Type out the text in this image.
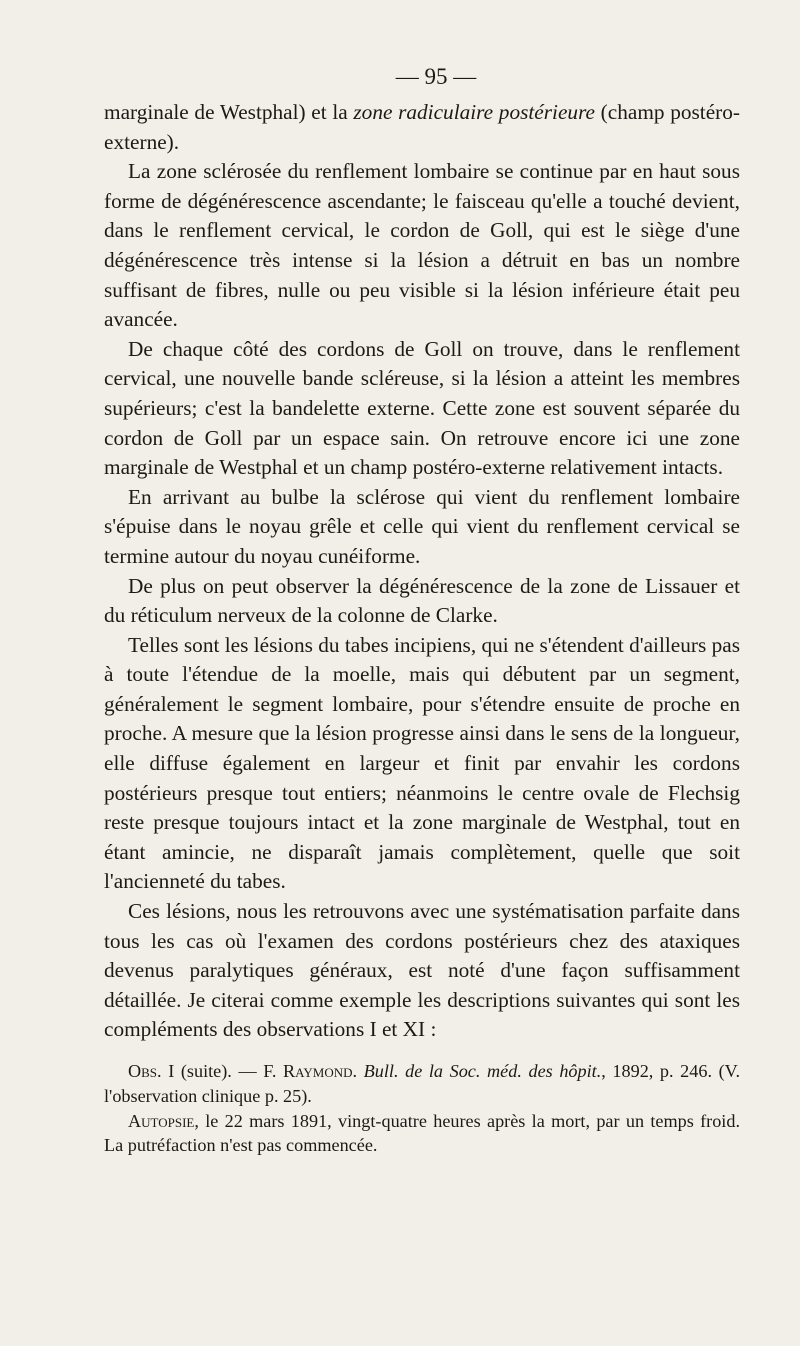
— 95 —

marginale de Westphal) et la zone radiculaire postérieure (champ postéro-externe).

La zone sclérosée du renflement lombaire se continue par en haut sous forme de dégénérescence ascendante; le faisceau qu'elle a touché devient, dans le renflement cervical, le cordon de Goll, qui est le siège d'une dégénérescence très intense si la lésion a détruit en bas un nombre suffisant de fibres, nulle ou peu visible si la lésion inférieure était peu avancée.

De chaque côté des cordons de Goll on trouve, dans le renflement cervical, une nouvelle bande scléreuse, si la lésion a atteint les membres supérieurs; c'est la bandelette externe. Cette zone est souvent séparée du cordon de Goll par un espace sain. On retrouve encore ici une zone marginale de Westphal et un champ postéro-externe relativement intacts.

En arrivant au bulbe la sclérose qui vient du renflement lombaire s'épuise dans le noyau grêle et celle qui vient du renflement cervical se termine autour du noyau cunéiforme.

De plus on peut observer la dégénérescence de la zone de Lissauer et du réticulum nerveux de la colonne de Clarke.

Telles sont les lésions du tabes incipiens, qui ne s'étendent d'ailleurs pas à toute l'étendue de la moelle, mais qui débutent par un segment, généralement le segment lombaire, pour s'étendre ensuite de proche en proche. A mesure que la lésion progresse ainsi dans le sens de la longueur, elle diffuse également en largeur et finit par envahir les cordons postérieurs presque tout entiers; néanmoins le centre ovale de Flechsig reste presque toujours intact et la zone marginale de Westphal, tout en étant amincie, ne disparaît jamais complètement, quelle que soit l'ancienneté du tabes.

Ces lésions, nous les retrouvons avec une systématisation parfaite dans tous les cas où l'examen des cordons postérieurs chez des ataxiques devenus paralytiques généraux, est noté d'une façon suffisamment détaillée. Je citerai comme exemple les descriptions suivantes qui sont les compléments des observations I et XI :

Obs. I (suite). — F. Raymond. Bull. de la Soc. méd. des hôpit., 1892, p. 246. (V. l'observation clinique p. 25).

Autopsie, le 22 mars 1891, vingt-quatre heures après la mort, par un temps froid. La putréfaction n'est pas commencée.
